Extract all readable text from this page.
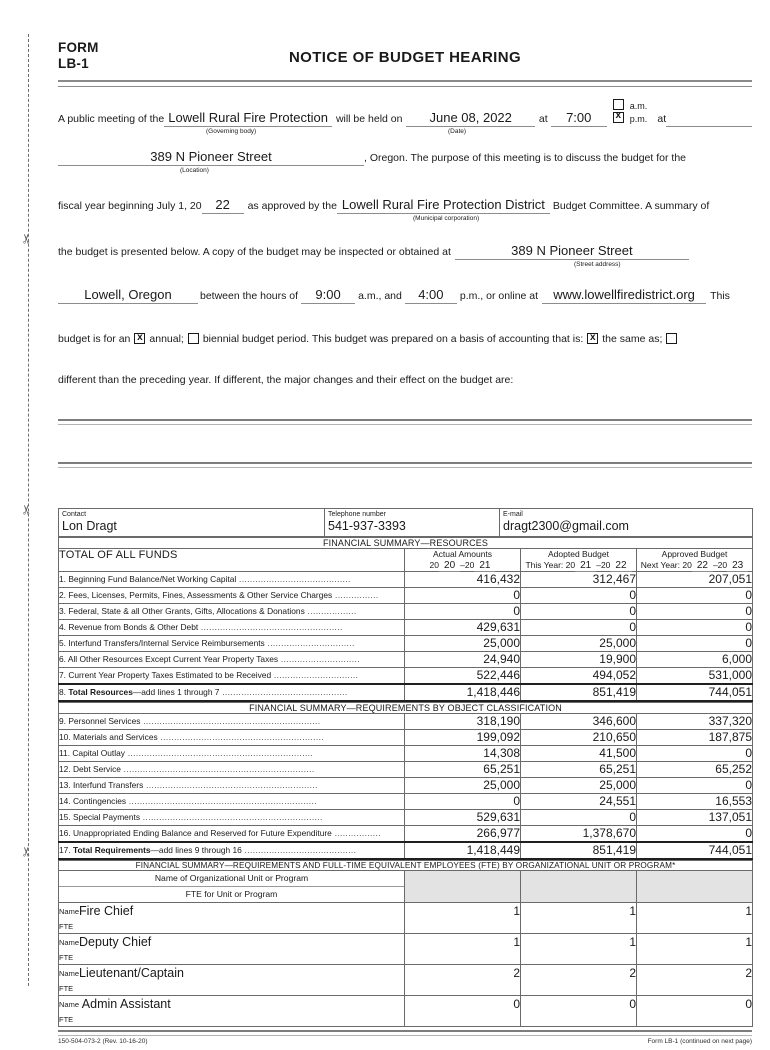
✂
✂
✂
FORM
LB-1	NOTICE OF BUDGET HEARING
A public meeting of the Lowell Rural Fire Protection will be held on	June 08, 2022	at	7:00
a.m.
x p.m. at
(Governing body)	(Date)
389 N Pioneer Street	, Oregon. The purpose of this meeting is to discuss the budget for the
(Location)
fiscal year beginning July 1, 20	22	as approved by the Lowell Rural Fire Protection District Budget Committee. A summary of
(Municipal corporation)
the budget is presented below. A copy of the budget may be inspected or obtained at	389 N Pioneer Street
(Street address)
Lowell, Oregon	between the hours of	9:00	a.m., and	4:00	p.m., or online at	www.lowellfiredistrict.org	This
budget is for an x annual; biennial budget period. This budget was prepared on a basis of accounting that is: x the same as;
different than the preceding year. If different, the major changes and their effect on the budget are:
Contact
Lon Dragt

Telephone number
541-937-3393

E-mail
dragt2300@gmail.com
FINANCIAL SUMMARY—RESOURCES			
TOTAL OF ALL FUNDS	Actual Amounts
20 20 –20 21

Adopted Budget
This Year: 20 21 –20 22

Approved Budget
Next Year: 20 22 –20 23

1. Beginning Fund Balance/Net Working Capital .........................................	416,432	312,467	207,051
2. Fees, Licenses, Permits, Fines, Assessments & Other Service Charges ................	0	0	0
3. Federal, State & all Other Grants, Gifts, Allocations & Donations ..................	0	0	0
4. Revenue from Bonds & Other Debt ....................................................	429,631	0	0
5. Interfund Transfers/Internal Service Reimbursements ................................	25,000	25,000	0
6. All Other Resources Except Current Year Property Taxes .............................	24,940	19,900	6,000
7. Current Year Property Taxes Estimated to be Received ...............................	522,446	494,052	531,000
8. Total Resources—add lines 1 through 7 ..............................................	1,418,446	851,419	744,051
FINANCIAL SUMMARY—REQUIREMENTS BY OBJECT CLASSIFICATION			
9. Personnel Services .................................................................	318,190	346,600	337,320
10. Materials and Services ............................................................	199,092	210,650	187,875
11. Capital Outlay ....................................................................	14,308	41,500	0
12. Debt Service ......................................................................	65,251	65,251	65,252
13. Interfund Transfers ...............................................................	25,000	25,000	0
14. Contingencies .....................................................................	0	24,551	16,553
15. Special Payments ..................................................................	529,631	0	137,051
16. Unappropriated Ending Balance and Reserved for Future Expenditure .................	266,977	1,378,670	0
17. Total Requirements—add lines 9 through 16 .........................................	1,418,449	851,419	744,051
FINANCIAL SUMMARY—REQUIREMENTS AND FULL-TIME EQUIVALENT EMPLOYEES (FTE) BY ORGANIZATIONAL UNIT OR PROGRAM*			

Name of Organizational Unit or Program
FTE for Unit or Program			

NameFire Chief	1	1	1
FTE			
NameDeputy Chief	1	1	1
FTE			
NameLieutenant/Captain	2	2	2
FTE			
Name Admin Assistant	0	0	0
FTE			
150-504-073-2 (Rev. 10-16-20)	Form LB-1 (continued on next page)
